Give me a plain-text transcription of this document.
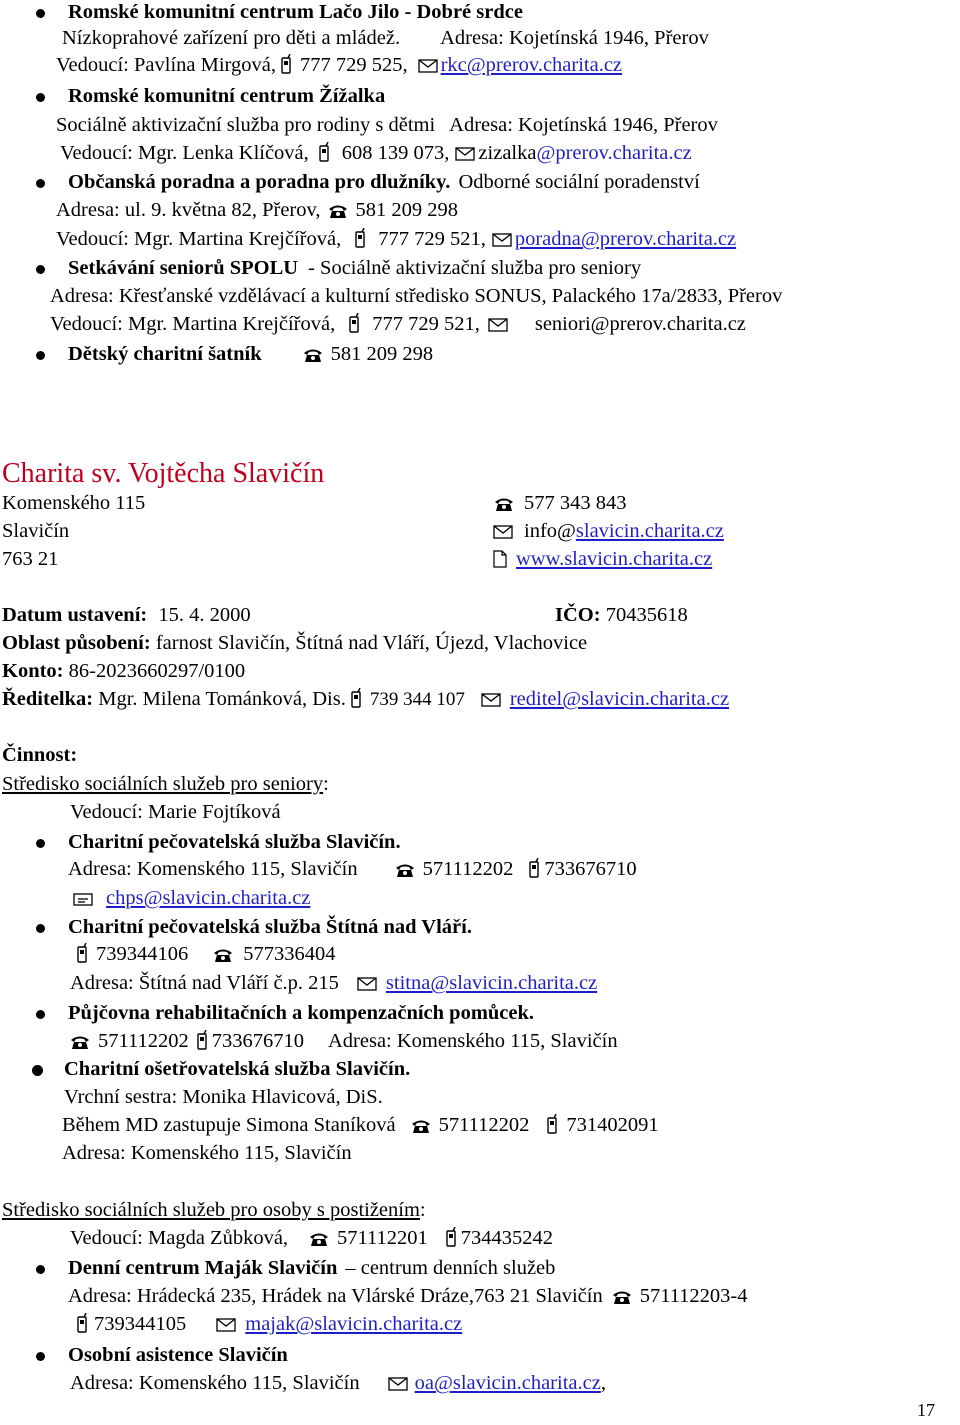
Romské komunitní centrum Lačo Jilo - Dobré srdce
Nízkoprahové zařízení pro děti a mládež. Adresa: Kojetínská 1946, Přerov
Vedoucí: Pavlína Mirgová, 777 729 525, rkc@prerov.charita.cz
Romské komunitní centrum Žížalka
Sociálně aktivizační služba pro rodiny s dětmi Adresa: Kojetínská 1946, Přerov
Vedoucí: Mgr. Lenka Klíčová, 608 139 073, zizalka@prerov.charita.cz
Občanská poradna a poradna pro dlužníky. Odborné sociální poradenství
Adresa: ul. 9. května 82, Přerov, 581 209 298
Vedoucí: Mgr. Martina Krejčířová, 777 729 521, poradna@prerov.charita.cz
Setkávání seniorů SPOLU - Sociálně aktivizační služba pro seniory
Adresa: Křesťanské vzdělávací a kulturní středisko SONUS, Palackého 17a/2833, Přerov
Vedoucí: Mgr. Martina Krejčířová, 777 729 521,	seniori@prerov.charita.cz
Dětský charitní šatník	581 209 298
Charita sv. Vojtěcha Slavičín
Komenského 115
Slavičín
763 21
577 343 843
info@slavicin.charita.cz
www.slavicin.charita.cz
Datum ustavení: 15. 4. 2000	IČO: 70435618
Oblast působení: farnost Slavičín, Štítná nad Vláří, Újezd, Vlachovice
Konto: 86-2023660297/0100
Ředitelka: Mgr. Milena Tománková, Dis. 739 344 107 reditel@slavicin.charita.cz
Činnost:
Středisko sociálních služeb pro seniory:
Vedoucí: Marie Fojtíková
Charitní pečovatelská služba Slavičín.
Adresa: Komenského 115, Slavičín	571112202 733676710
chps@slavicin.charita.cz
Charitní pečovatelská služba Štítná nad Vláří.
739344106	577336404
Adresa: Štítná nad Vláří č.p. 215 stitna@slavicin.charita.cz
Půjčovna rehabilitačních a kompenzačních pomůcek.
571112202 733676710 Adresa: Komenského 115, Slavičín
Charitní ošetřovatelská služba Slavičín.
Vrchní sestra: Monika Hlavicová, DiS.
Během MD zastupuje Simona Staníková 571112202 731402091
Adresa: Komenského 115, Slavičín
Středisko sociálních služeb pro osoby s postižením:
Vedoucí: Magda Zůbková, 571112201 734435242
Denní centrum Maják Slavičín – centrum denních služeb
Adresa: Hrádecká 235, Hrádek na Vlárské Dráze,763 21 Slavičín 571112203-4
739344105	majak@slavicin.charita.cz
Osobní asistence Slavičín
Adresa: Komenského 115, Slavičín	oa@slavicin.charita.cz,
17
